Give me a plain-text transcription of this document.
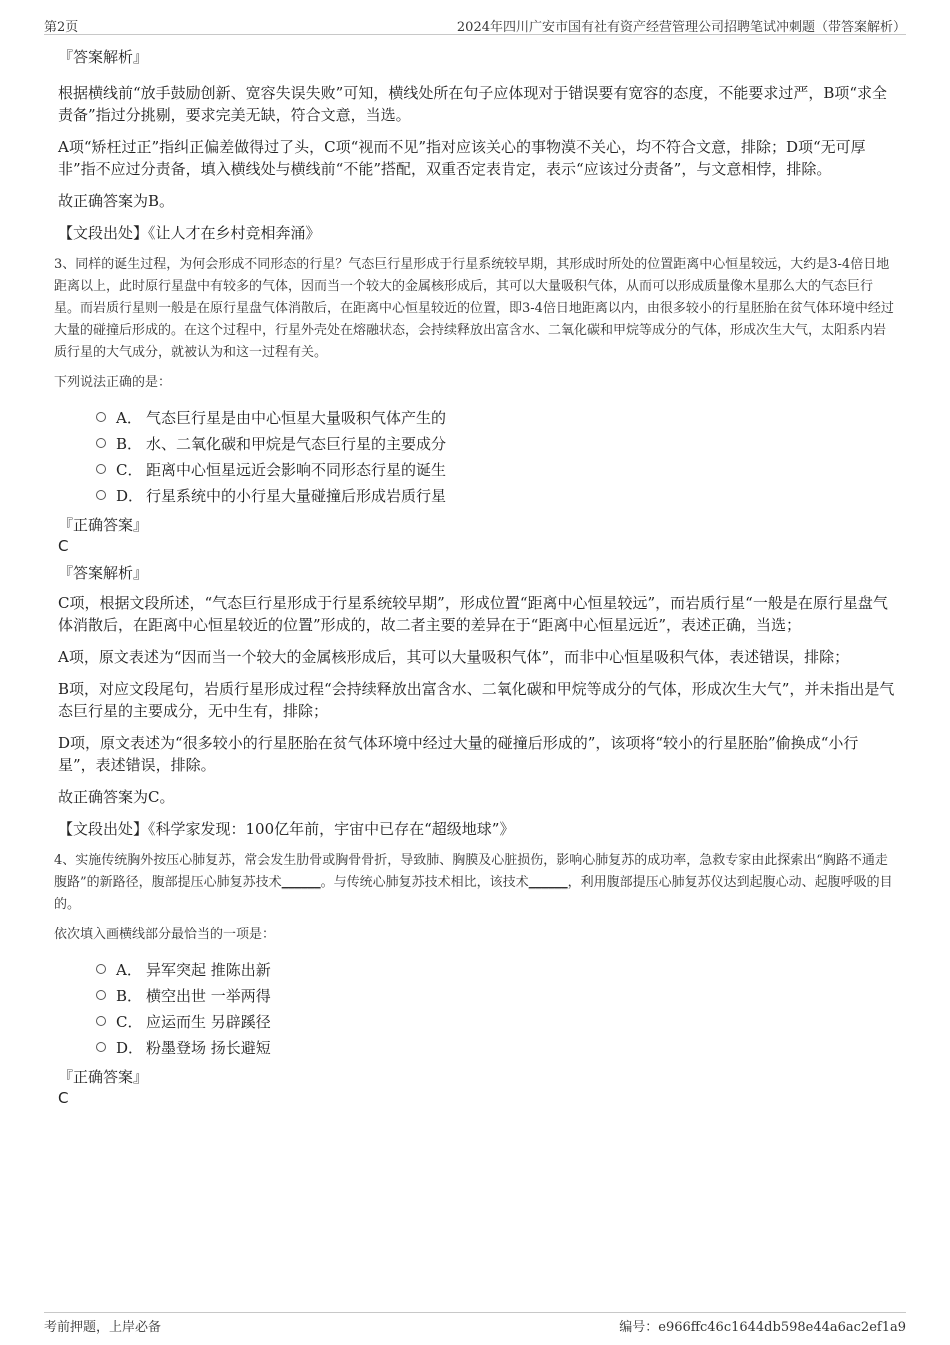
第2页	2024年四川广安市国有社有资产经营管理公司招聘笔试冲刺题（带答案解析）
『答案解析』

根据横线前“放手鼓励创新、宽容失误失败”可知，横线处所在句子应体现对于错误要有宽容的态度，不能要求过严，B项“求全责备”指过分挑剔，要求完美无缺，符合文意，当选。

A项“矫枉过正”指纠正偏差做得过了头，C项“视而不见”指对应该关心的事物漠不关心，均不符合文意，排除；D项“无可厚非”指不应过分责备，填入横线处与横线前“不能”搭配，双重否定表肯定，表示“应该过分责备”，与文意相悖，排除。

故正确答案为B。

【文段出处】《让人才在乡村竞相奔涌》

3、同样的诞生过程，为何会形成不同形态的行星？气态巨行星形成于行星系统较早期，其形成时所处的位置距离中心恒星较远，大约是3-4倍日地距离以上，此时原行星盘中有较多的气体，因而当一个较大的金属核形成后，其可以大量吸积气体，从而可以形成质量像木星那么大的气态巨行星。而岩质行星则一般是在原行星盘气体消散后，在距离中心恒星较近的位置，即3-4倍日地距离以内，由很多较小的行星胚胎在贫气体环境中经过大量的碰撞后形成的。在这个过程中，行星外壳处在熔融状态，会持续释放出富含水、二氧化碳和甲烷等成分的气体，形成次生大气，太阳系内岩质行星的大气成分，就被认为和这一过程有关。

下列说法正确的是：

A． 气态巨行星是由中心恒星大量吸积气体产生的
B． 水、二氧化碳和甲烷是气态巨行星的主要成分
C． 距离中心恒星远近会影响不同形态行星的诞生
D． 行星系统中的小行星大量碰撞后形成岩质行星
『正确答案』
C
『答案解析』

C项，根据文段所述，“气态巨行星形成于行星系统较早期”，形成位置“距离中心恒星较远”，而岩质行星“一般是在原行星盘气体消散后，在距离中心恒星较近的位置”形成的，故二者主要的差异在于“距离中心恒星远近”，表述正确，当选；

A项，原文表述为“因而当一个较大的金属核形成后，其可以大量吸积气体”，而非中心恒星吸积气体，表述错误，排除；

B项，对应文段尾句，岩质行星形成过程“会持续释放出富含水、二氧化碳和甲烷等成分的气体，形成次生大气”，并未指出是气态巨行星的主要成分，无中生有，排除；

D项，原文表述为“很多较小的行星胚胎在贫气体环境中经过大量的碰撞后形成的”，该项将“较小的行星胚胎”偷换成“小行星”，表述错误，排除。

故正确答案为C。

【文段出处】《科学家发现：100亿年前，宇宙中已存在“超级地球”》

4、实施传统胸外按压心肺复苏，常会发生肋骨或胸骨骨折，导致肺、胸膜及心脏损伤，影响心肺复苏的成功率，急救专家由此探索出“胸路不通走腹路”的新路径，腹部提压心肺复苏技术______。与传统心肺复苏技术相比，该技术______，利用腹部提压心肺复苏仪达到起腹心动、起腹呼吸的目的。

依次填入画横线部分最恰当的一项是：

A． 异军突起 推陈出新
B． 横空出世 一举两得
C． 应运而生 另辟蹊径
D． 粉墨登场 扬长避短
『正确答案』
C
考前押题，上岸必备	编号：e966ffc46c1644db598e44a6ac2ef1a9
